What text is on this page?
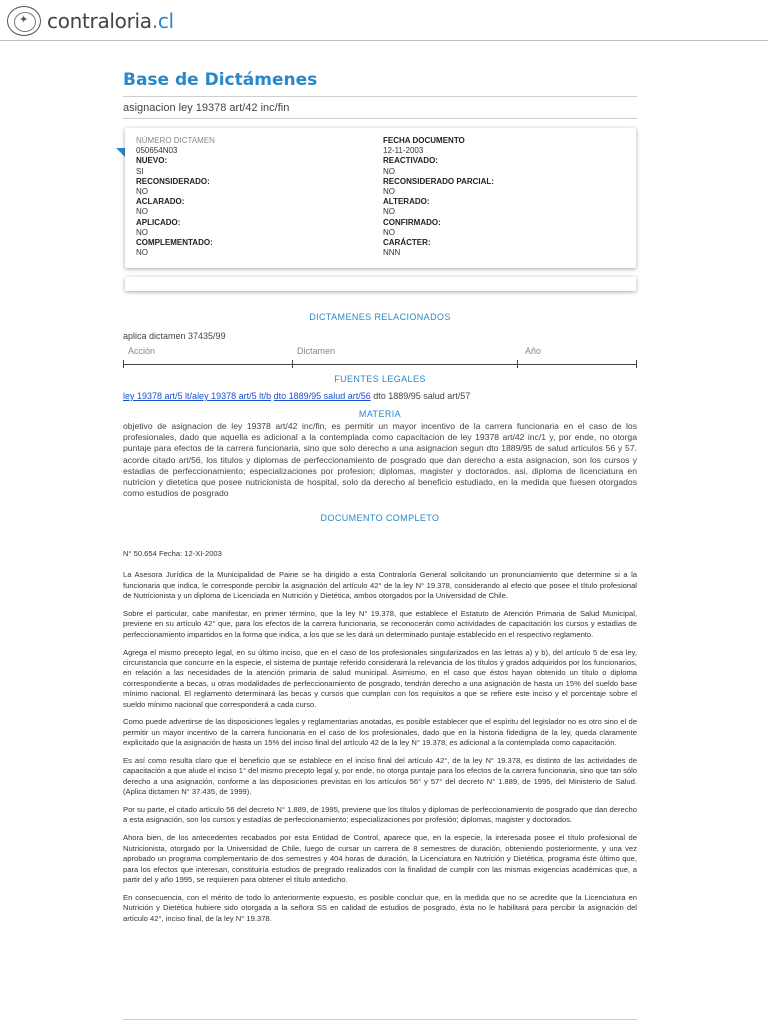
✦
contraloria.cl
Base de Dictámenes
asignacion ley 19378 art/42 inc/fin
NÚMERO DICTAMEN
050654N03
NUEVO:
SI
RECONSIDERADO:
NO
ACLARADO:
NO
APLICADO:
NO
COMPLEMENTADO:
NO
FECHA DOCUMENTO
12-11-2003
REACTIVADO:
NO
RECONSIDERADO PARCIAL:
NO
ALTERADO:
NO
CONFIRMADO:
NO
CARÁCTER:
NNN
DICTAMENES RELACIONADOS
aplica dictamen 37435/99
Acción	Dictamen	Año
FUENTES LEGALES
ley 19378 art/5 lt/aley 19378 art/5 lt/b dto 1889/95 salud art/56 dto 1889/95 salud art/57
MATERIA
objetivo de asignacion de ley 19378 art/42 inc/fin, es permitir un mayor incentivo de la carrera funcionaria en el caso de los profesionales, dado que aquella es adicional a la contemplada como capacitacion de ley 19378 art/42 inc/1 y, por ende, no otorga puntaje para efectos de la carrera funcionaria, sino que solo derecho a una asignacion segun dto 1889/95 de salud articulos 56 y 57. acorde citado art/56, los titulos y diplomas de perfeccionamiento de posgrado que dan derecho a esta asignacion, son los cursos y estadias de perfeccionamiento; especializaciones por profesion; diplomas, magister y doctorados. asi, diploma de licenciatura en nutricion y dietetica que posee nutricionista de hospital, solo da derecho al beneficio estudiado, en la medida que fuesen otorgados como estudios de posgrado
DOCUMENTO COMPLETO

N° 50.654 Fecha: 12-XI-2003

La Asesora Jurídica de la Municipalidad de Paine se ha dirigido a esta Contraloría General solicitando un pronunciamiento que determine si a la funcionaria que indica, le corresponde percibir la asignación del artículo 42° de la ley N° 19.378, considerando al efecto que posee el título profesional de Nutricionista y un diploma de Licenciada en Nutrición y Dietética, ambos otorgados por la Universidad de Chile.

Sobre el particular, cabe manifestar, en primer término, que la ley N° 19.378, que establece el Estatuto de Atención Primaria de Salud Municipal, previene en su artículo 42° que, para los efectos de la carrera funcionaria, se reconocerán como actividades de capacitación los cursos y estadías de perfeccionamiento impartidos en la forma que indica, a los que se les dará un determinado puntaje establecido en el respectivo reglamento.

Agrega el mismo precepto legal, en su último inciso, que en el caso de los profesionales singularizados en las letras a) y b), del artículo 5 de esa ley, circunstancia que concurre en la especie, el sistema de puntaje referido considerará la relevancia de los títulos y grados adquiridos por los funcionarios, en relación a las necesidades de la atención primaria de salud municipal. Asimismo, en el caso que éstos hayan obtenido un título o diploma correspondiente a becas, u otras modalidades de perfeccionamiento de posgrado, tendrán derecho a una asignación de hasta un 15% del sueldo base mínimo nacional. El reglamento determinará las becas y cursos que cumplan con los requisitos a que se refiere este inciso y el porcentaje sobre el sueldo mínimo nacional que corresponderá a cada curso.

Como puede advertirse de las disposiciones legales y reglamentarias anotadas, es posible establecer que el espíritu del legislador no es otro sino el de permitir un mayor incentivo de la carrera funcionaria en el caso de los profesionales, dado que en la historia fidedigna de la ley, queda claramente explicitado que la asignación de hasta un 15% del inciso final del artículo 42 de la ley N° 19.378, es adicional a la contemplada como capacitación.

Es así como resulta claro que el beneficio que se establece en el inciso final del artículo 42°, de la ley N° 19.378, es distinto de las actividades de capacitación a que alude el inciso 1° del mismo precepto legal y, por ende, no otorga puntaje para los efectos de la carrera funcionaria, sino que tan sólo derecho a una asignación, conforme a las disposiciones previstas en los artículos 56° y 57° del decreto N° 1.889, de 1995, del Ministerio de Salud. (Aplica dictamen N° 37.435, de 1999).

Por su parte, el citado artículo 56 del decreto N° 1.889, de 1995, previene que los títulos y diplomas de perfeccionamiento de posgrado que dan derecho a esta asignación, son los cursos y estadías de perfeccionamiento; especializaciones por profesión; diplomas, magister y doctorados.

Ahora bien, de los antecedentes recabados por esta Entidad de Control, aparece que, en la especie, la interesada posee el título profesional de Nutricionista, otorgado por la Universidad de Chile, luego de cursar un carrera de 8 semestres de duración, obteniendo posteriormente, y una vez aprobado un programa complementario de dos semestres y 404 horas de duración, la Licenciatura en Nutrición y Dietética, programa éste último que, para los efectos que interesan, constituiría estudios de pregrado realizados con la finalidad de cumplir con las mismas exigencias académicas que, a partir del y año 1995, se requieren para obtener el título antedicho.

En consecuencia, con el mérito de todo lo anteriormente expuesto, es posible concluir que, en la medida que no se acredite que la Licenciatura en Nutrición y Dietética hubiere sido otorgada a la señora SS en calidad de estudios de posgrado, ésta no le habilitará para percibir la asignación del artículo 42°, inciso final, de la ley N° 19.378.
